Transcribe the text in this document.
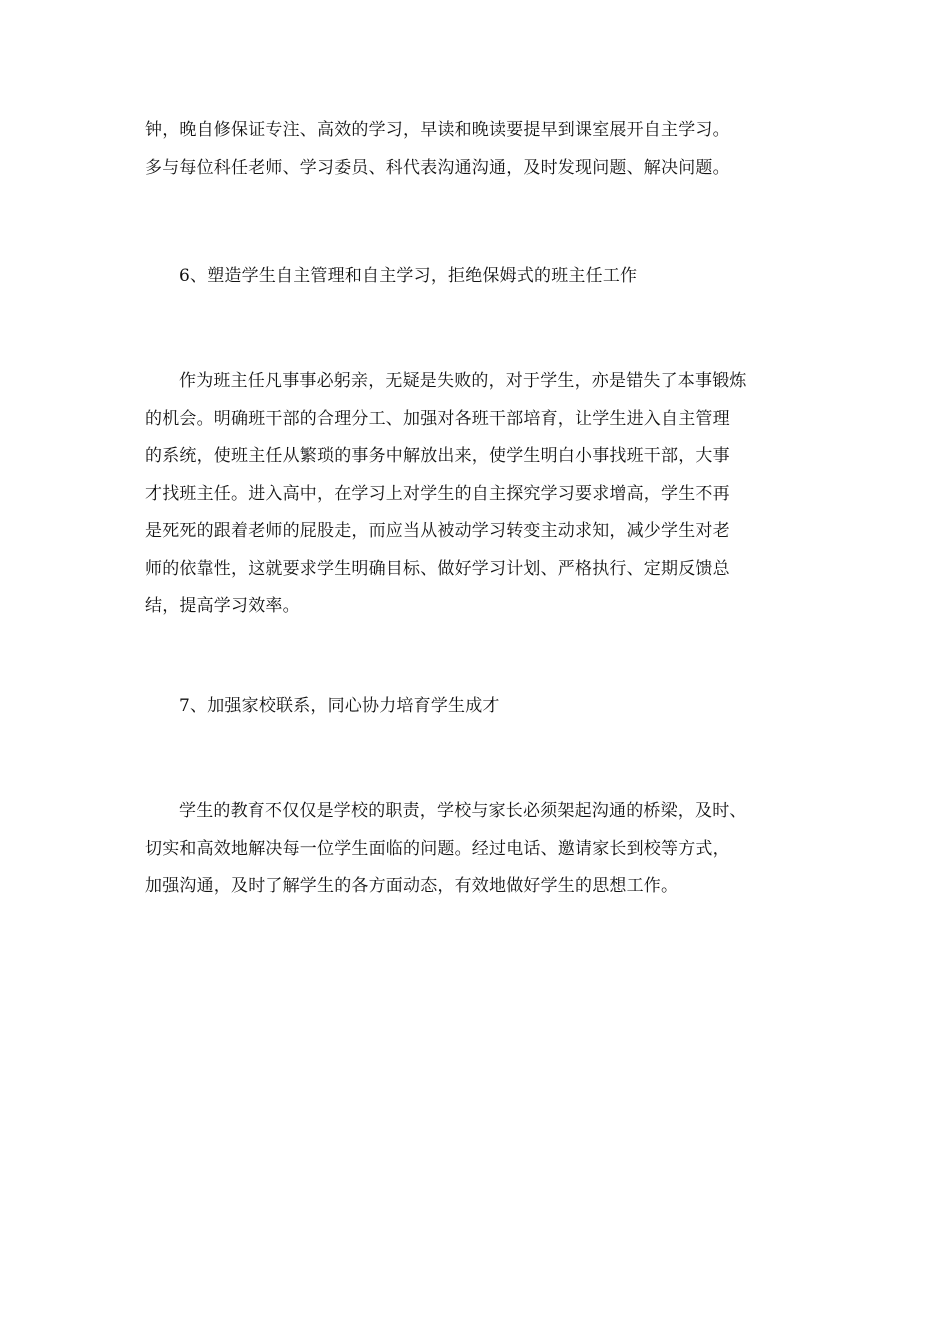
钟，晚自修保证专注、高效的学习，早读和晚读要提早到课室展开自主学习。
多与每位科任老师、学习委员、科代表沟通沟通，及时发现问题、解决问题。
6、塑造学生自主管理和自主学习，拒绝保姆式的班主任工作
作为班主任凡事事必躬亲，无疑是失败的，对于学生，亦是错失了本事锻炼
的机会。明确班干部的合理分工、加强对各班干部培育，让学生进入自主管理
的系统，使班主任从繁琐的事务中解放出来，使学生明白小事找班干部，大事
才找班主任。进入高中，在学习上对学生的自主探究学习要求增高，学生不再
是死死的跟着老师的屁股走，而应当从被动学习转变主动求知，减少学生对老
师的依靠性，这就要求学生明确目标、做好学习计划、严格执行、定期反馈总
结，提高学习效率。
7、加强家校联系，同心协力培育学生成才
学生的教育不仅仅是学校的职责，学校与家长必须架起沟通的桥梁，及时、
切实和高效地解决每一位学生面临的问题。经过电话、邀请家长到校等方式，
加强沟通，及时了解学生的各方面动态，有效地做好学生的思想工作。
